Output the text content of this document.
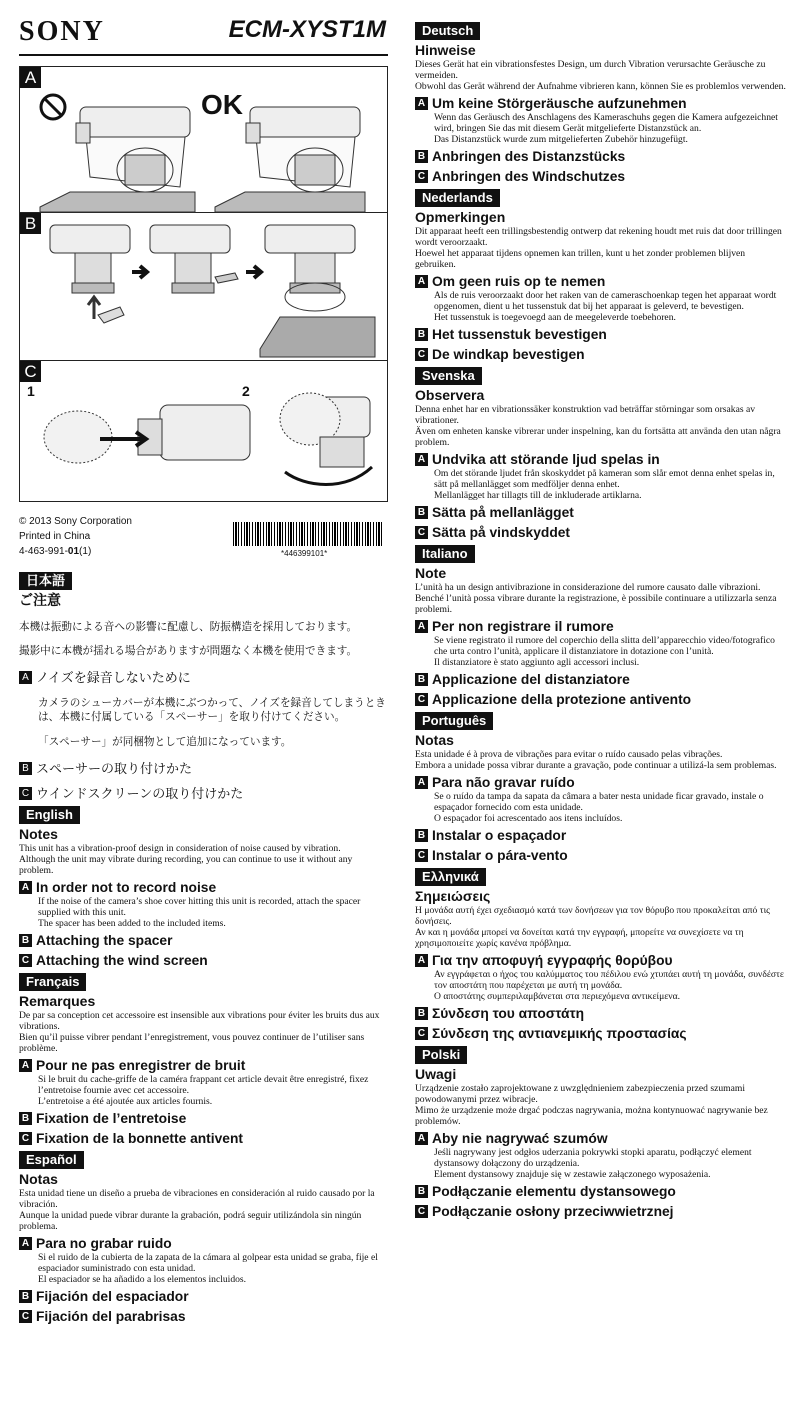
SONY	ECM-XYST1M
A
B
C
OK
1	2
© 2013 Sony Corporation
Printed in China
4-463-991-01(1)	*446399101*
日本語
ご注意

本機は振動による音への影響に配慮し、防振構造を採用しております。

撮影中に本機が揺れる場合がありますが問題なく本機を使用できます。

A ノイズを録音しないために

カメラのシューカバーが本機にぶつかって、ノイズを録音してしまうときは、本機に付属している「スペーサー」を取り付けてください。

「スペーサー」が同梱物として追加になっています。

B スペーサーの取り付けかた
C ウインドスクリーンの取り付けかた
English
Notes

This unit has a vibration-proof design in consideration of noise caused by vibration.

Although the unit may vibrate during recording, you can continue to use it without any problem.

A In order not to record noise

If the noise of the camera’s shoe cover hitting this unit is recorded, attach the spacer supplied with this unit.

The spacer has been added to the included items.

B Attaching the spacer
C Attaching the wind screen
Français
Remarques

De par sa conception cet accessoire est insensible aux vibrations pour éviter les bruits dus aux vibrations.

Bien qu’il puisse vibrer pendant l’enregistrement, vous pouvez continuer de l’utiliser sans problème.

A Pour ne pas enregistrer de bruit

Si le bruit du cache-griffe de la caméra frappant cet article devait être enregistré, fixez l’entretoise fournie avec cet accessoire.

L’entretoise a été ajoutée aux articles fournis.

B Fixation de l’entretoise
C Fixation de la bonnette antivent
Español
Notas

Esta unidad tiene un diseño a prueba de vibraciones en consideración al ruido causado por la vibración.

Aunque la unidad puede vibrar durante la grabación, podrá seguir utilizándola sin ningún problema.

A Para no grabar ruido

Si el ruido de la cubierta de la zapata de la cámara al golpear esta unidad se graba, fije el espaciador suministrado con esta unidad.

El espaciador se ha añadido a los elementos incluidos.

B Fijación del espaciador
C Fijación del parabrisas
Deutsch
Hinweise

Dieses Gerät hat ein vibrationsfestes Design, um durch Vibration verursachte Geräusche zu vermeiden.

Obwohl das Gerät während der Aufnahme vibrieren kann, können Sie es problemlos verwenden.

A Um keine Störgeräusche aufzunehmen

Wenn das Geräusch des Anschlagens des Kameraschuhs gegen die Kamera aufgezeichnet wird, bringen Sie das mit diesem Gerät mitgelieferte Distanzstück an.

Das Distanzstück wurde zum mitgelieferten Zubehör hinzugefügt.

B Anbringen des Distanzstücks
C Anbringen des Windschutzes
Nederlands
Opmerkingen

Dit apparaat heeft een trillingsbestendig ontwerp dat rekening houdt met ruis dat door trillingen wordt veroorzaakt.

Hoewel het apparaat tijdens opnemen kan trillen, kunt u het zonder problemen blijven gebruiken.

A Om geen ruis op te nemen

Als de ruis veroorzaakt door het raken van de cameraschoenkap tegen het apparaat wordt opgenomen, dient u het tussenstuk dat bij het apparaat is geleverd, te bevestigen.

Het tussenstuk is toegevoegd aan de meegeleverde toebehoren.

B Het tussenstuk bevestigen
C De windkap bevestigen
Svenska
Observera

Denna enhet har en vibrationssäker konstruktion vad beträffar störningar som orsakas av vibrationer.

Även om enheten kanske vibrerar under inspelning, kan du fortsätta att använda den utan några problem.

A Undvika att störande ljud spelas in

Om det störande ljudet från skoskyddet på kameran som slår emot denna enhet spelas in, sätt på mellanlägget som medföljer denna enhet.

Mellanlägget har tillagts till de inkluderade artiklarna.

B Sätta på mellanlägget
C Sätta på vindskyddet
Italiano
Note

L’unità ha un design antivibrazione in considerazione del rumore causato dalle vibrazioni.

Benché l’unità possa vibrare durante la registrazione, è possibile continuare a utilizzarla senza problemi.

A Per non registrare il rumore

Se viene registrato il rumore del coperchio della slitta dell’apparecchio video/fotografico che urta contro l’unità, applicare il distanziatore in dotazione con l’unità.

Il distanziatore è stato aggiunto agli accessori inclusi.

B Applicazione del distanziatore
C Applicazione della protezione antivento
Português
Notas

Esta unidade é à prova de vibrações para evitar o ruído causado pelas vibrações.

Embora a unidade possa vibrar durante a gravação, pode continuar a utilizá-la sem problemas.

A Para não gravar ruído

Se o ruído da tampa da sapata da câmara a bater nesta unidade ficar gravado, instale o espaçador fornecido com esta unidade.

O espaçador foi acrescentado aos itens incluídos.

B Instalar o espaçador
C Instalar o pára-vento
Ελληνικά
Σημειώσεις

Η μονάδα αυτή έχει σχεδιασμό κατά των δονήσεων για τον θόρυβο που προκαλείται από τις δονήσεις.

Αν και η μονάδα μπορεί να δονείται κατά την εγγραφή, μπορείτε να συνεχίσετε να τη χρησιμοποιείτε χωρίς κανένα πρόβλημα.

A Για την αποφυγή εγγραφής θορύβου

Αν εγγράφεται ο ήχος του καλύμματος του πέδιλου ενώ χτυπάει αυτή τη μονάδα, συνδέστε τον αποστάτη που παρέχεται με αυτή τη μονάδα.

Ο αποστάτης συμπεριλαμβάνεται στα περιεχόμενα αντικείμενα.

B Σύνδεση του αποστάτη
C Σύνδεση της αντιανεμικής προστασίας
Polski
Uwagi

Urządzenie zostało zaprojektowane z uwzględnieniem zabezpieczenia przed szumami powodowanymi przez wibracje.

Mimo że urządzenie może drgać podczas nagrywania, można kontynuować nagrywanie bez problemów.

A Aby nie nagrywać szumów

Jeśli nagrywany jest odgłos uderzania pokrywki stopki aparatu, podłączyć element dystansowy dołączony do urządzenia.

Element dystansowy znajduje się w zestawie załączonego wyposażenia.

B Podłączanie elementu dystansowego
C Podłączanie osłony przeciwwietrznej
